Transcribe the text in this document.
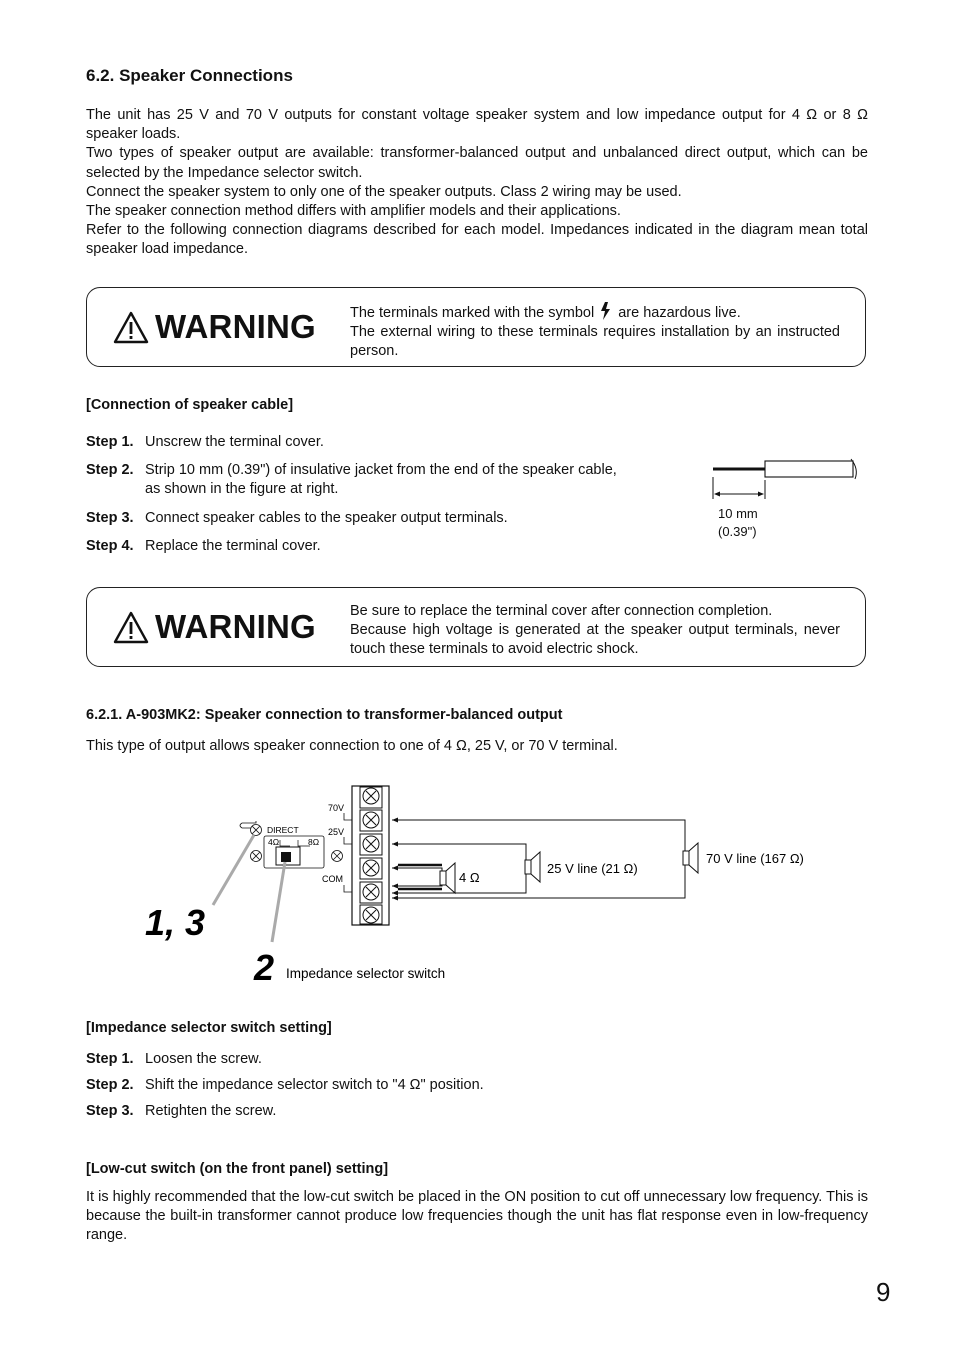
6.2. Speaker Connections

The unit has 25 V and 70 V outputs for constant voltage speaker system and low impedance output for 4 Ω or 8 Ω speaker loads.

Two types of speaker output are available: transformer-balanced output and unbalanced direct output, which can be selected by the Impedance selector switch.

Connect the speaker system to only one of the speaker outputs. Class 2 wiring may be used.

The speaker connection method differs with amplifier models and their applications.

Refer to the following connection diagrams described for each model. Impedances indicated in the diagram mean total speaker load impedance.

WARNING The terminals marked with the symbol are hazardous live.

The external wiring to these terminals requires installation by an instructed person.

[Connection of speaker cable]
Step 1. Unscrew the terminal cover.
Step 2. Strip 10 mm (0.39") of insulative jacket from the end of the speaker cable,
as shown in the figure at right.
Step 3. Connect speaker cables to the speaker output terminals.
Step 4. Replace the terminal cover.
10 mm
(0.39")
WARNING Be sure to replace the terminal cover after connection completion.

Because high voltage is generated at the speaker output terminals, never touch these terminals to avoid electric shock.

6.2.1. A-903MK2: Speaker connection to transformer-balanced output
This type of output allows speaker connection to one of 4 Ω, 25 V, or 70 V terminal.
70V
25V
COM
DIRECT
4Ω	8Ω
4 Ω
25 V line (21 Ω)
70 V line (167 Ω)
1, 3
2 Impedance selector switch
[Impedance selector switch setting]
Step 1. Loosen the screw.
Step 2. Shift the impedance selector switch to "4 Ω" position.
Step 3. Retighten the screw.
[Low-cut switch (on the front panel) setting]
It is highly recommended that the low-cut switch be placed in the ON position to cut off unnecessary low frequency. This is because the built-in transformer cannot produce low frequencies though the unit has flat response even in low-frequency range.
9
